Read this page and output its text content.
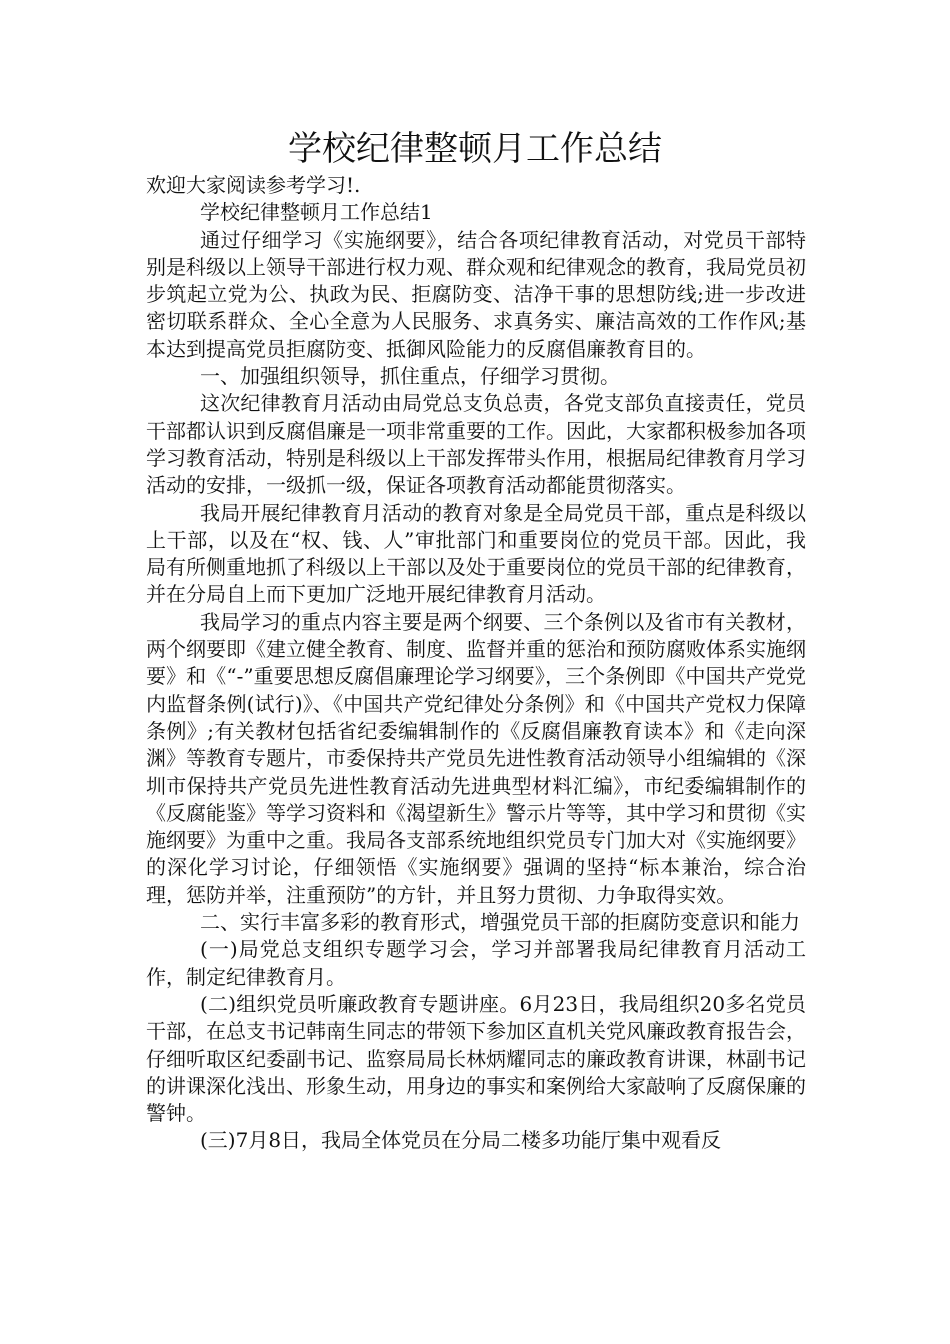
学校纪律整顿月工作总结

欢迎大家阅读参考学习!.

学校纪律整顿月工作总结1

通过仔细学习《实施纲要》，结合各项纪律教育活动，对党员干部特别是科级以上领导干部进行权力观、群众观和纪律观念的教育，我局党员初步筑起立党为公、执政为民、拒腐防变、洁净干事的思想防线;进一步改进密切联系群众、全心全意为人民服务、求真务实、廉洁高效的工作作风;基本达到提高党员拒腐防变、抵御风险能力的反腐倡廉教育目的。

一、加强组织领导，抓住重点，仔细学习贯彻。

这次纪律教育月活动由局党总支负总责，各党支部负直接责任，党员干部都认识到反腐倡廉是一项非常重要的工作。因此，大家都积极参加各项学习教育活动，特别是科级以上干部发挥带头作用，根据局纪律教育月学习活动的安排，一级抓一级，保证各项教育活动都能贯彻落实。

我局开展纪律教育月活动的教育对象是全局党员干部，重点是科级以上干部，以及在“权、钱、人”审批部门和重要岗位的党员干部。因此，我局有所侧重地抓了科级以上干部以及处于重要岗位的党员干部的纪律教育，并在分局自上而下更加广泛地开展纪律教育月活动。

我局学习的重点内容主要是两个纲要、三个条例以及省市有关教材，两个纲要即《建立健全教育、制度、监督并重的惩治和预防腐败体系实施纲要》和《“-”重要思想反腐倡廉理论学习纲要》，三个条例即《中国共产党党内监督条例(试行)》、《中国共产党纪律处分条例》和《中国共产党权力保障条例》;有关教材包括省纪委编辑制作的《反腐倡廉教育读本》和《走向深渊》等教育专题片，市委保持共产党员先进性教育活动领导小组编辑的《深圳市保持共产党员先进性教育活动先进典型材料汇编》，市纪委编辑制作的《反腐能鉴》等学习资料和《渴望新生》警示片等等，其中学习和贯彻《实施纲要》为重中之重。我局各支部系统地组织党员专门加大对《实施纲要》的深化学习讨论，仔细领悟《实施纲要》强调的坚持“标本兼治，综合治理，惩防并举，注重预防”的方针，并且努力贯彻、力争取得实效。

二、实行丰富多彩的教育形式，增强党员干部的拒腐防变意识和能力

(一)局党总支组织专题学习会，学习并部署我局纪律教育月活动工作，制定纪律教育月。

(二)组织党员听廉政教育专题讲座。6月23日，我局组织20多名党员干部，在总支书记韩南生同志的带领下参加区直机关党风廉政教育报告会，仔细听取区纪委副书记、监察局局长林炳耀同志的廉政教育讲课，林副书记的讲课深化浅出、形象生动，用身边的事实和案例给大家敲响了反腐保廉的警钟。

(三)7月8日，我局全体党员在分局二楼多功能厅集中观看反
